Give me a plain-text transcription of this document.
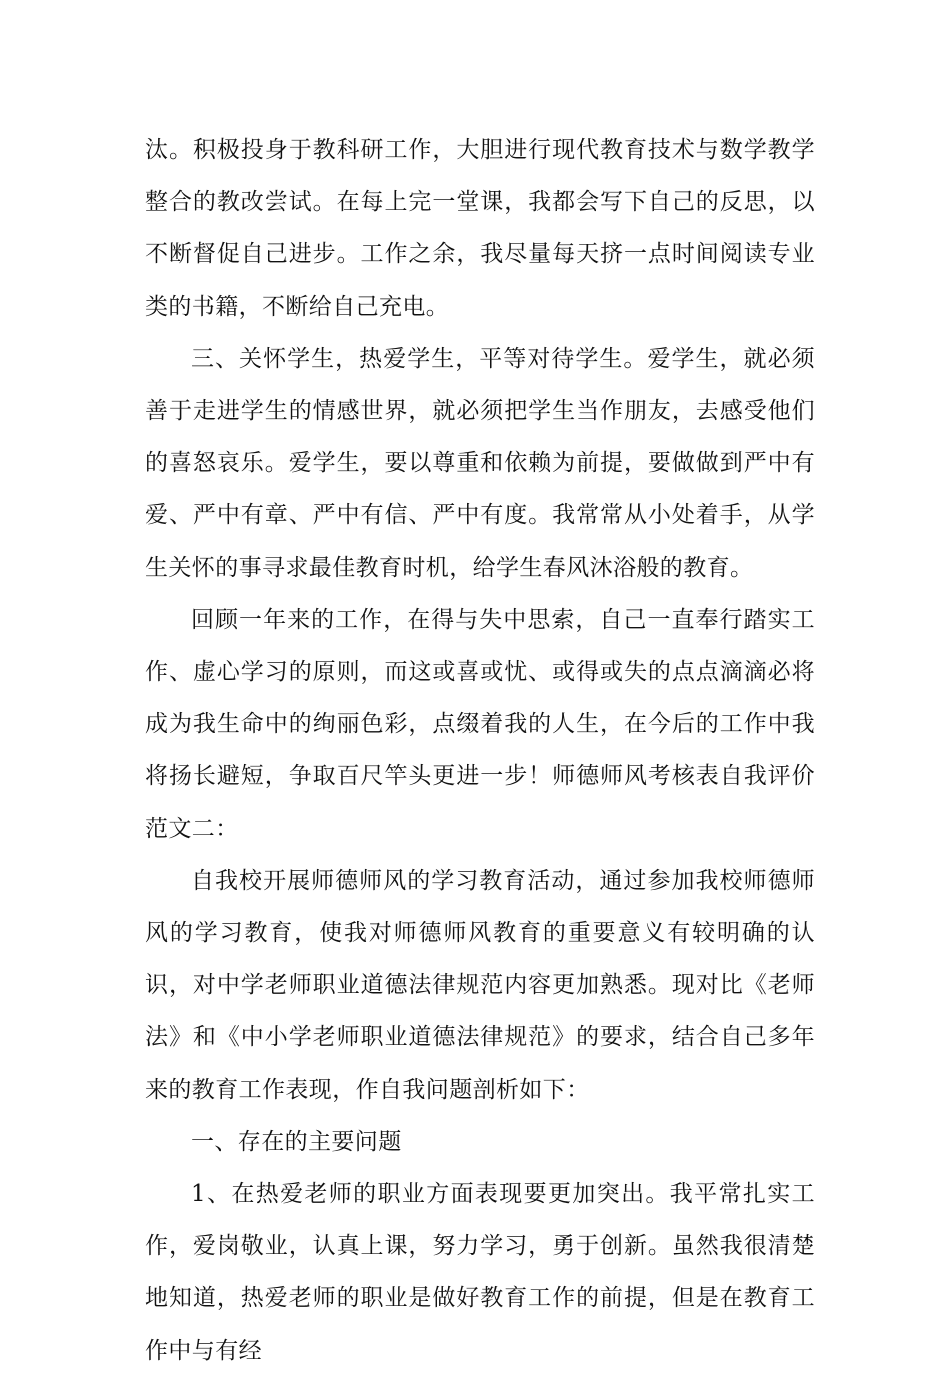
汰。积极投身于教科研工作，大胆进行现代教育技术与数学教学整合的教改尝试。在每上完一堂课，我都会写下自己的反思，以不断督促自己进步。工作之余，我尽量每天挤一点时间阅读专业类的书籍，不断给自己充电。

三、关怀学生，热爱学生，平等对待学生。爱学生，就必须善于走进学生的情感世界，就必须把学生当作朋友，去感受他们的喜怒哀乐。爱学生，要以尊重和依赖为前提，要做做到严中有爱、严中有章、严中有信、严中有度。我常常从小处着手，从学生关怀的事寻求最佳教育时机，给学生春风沐浴般的教育。

回顾一年来的工作，在得与失中思索，自己一直奉行踏实工作、虚心学习的原则，而这或喜或忧、或得或失的点点滴滴必将成为我生命中的绚丽色彩，点缀着我的人生，在今后的工作中我将扬长避短，争取百尺竿头更进一步！师德师风考核表自我评价范文二：

自我校开展师德师风的学习教育活动，通过参加我校师德师风的学习教育，使我对师德师风教育的重要意义有较明确的认识，对中学老师职业道德法律规范内容更加熟悉。现对比《老师法》和《中小学老师职业道德法律规范》的要求，结合自己多年来的教育工作表现，作自我问题剖析如下：

一、存在的主要问题

1、在热爱老师的职业方面表现要更加突出。我平常扎实工作，爱岗敬业，认真上课，努力学习，勇于创新。虽然我很清楚地知道，热爱老师的职业是做好教育工作的前提，但是在教育工作中与有经
